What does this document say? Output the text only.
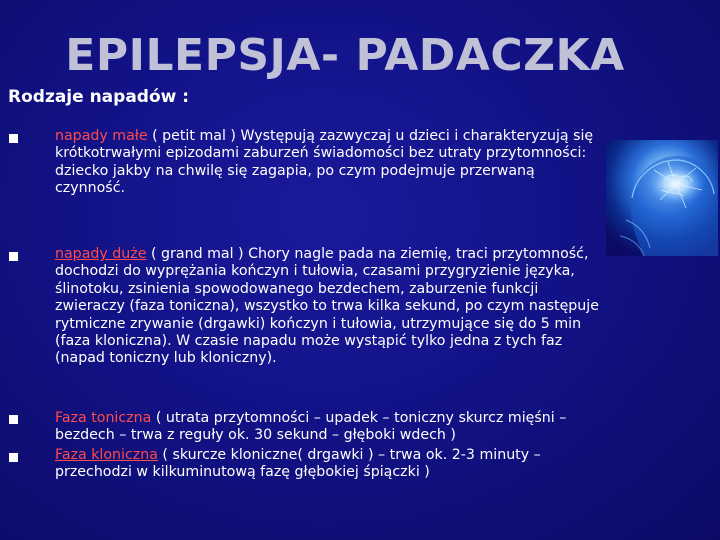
EPILEPSJA- PADACZKA
Rodzaje napadów :
napady małe ( petit mal ) Występują zazwyczaj u dzieci i charakteryzują się krótkotrwałymi epizodami zaburzeń świadomości bez utraty przytomności: dziecko jakby na chwilę się zagapia, po czym podejmuje przerwaną czynność.
napady duże ( grand mal ) Chory nagle pada na ziemię, traci przytomność, dochodzi do wyprężania kończyn i tułowia, czasami przygryzienie języka, ślinotoku, zsinienia spowodowanego bezdechem, zaburzenie funkcji zwieraczy (faza toniczna), wszystko to trwa kilka sekund, po czym następuje rytmiczne zrywanie (drgawki) kończyn i tułowia, utrzymujące się do 5 min (faza kloniczna). W czasie napadu może wystąpić tylko jedna z tych faz (napad toniczny lub kloniczny).
Faza toniczna ( utrata przytomności – upadek – toniczny skurcz mięśni – bezdech – trwa z reguły ok. 30 sekund – głęboki wdech )
Faza kloniczna ( skurcze kloniczne( drgawki ) – trwa ok. 2-3 minuty – przechodzi w kilkuminutową fazę głębokiej śpiączki )
